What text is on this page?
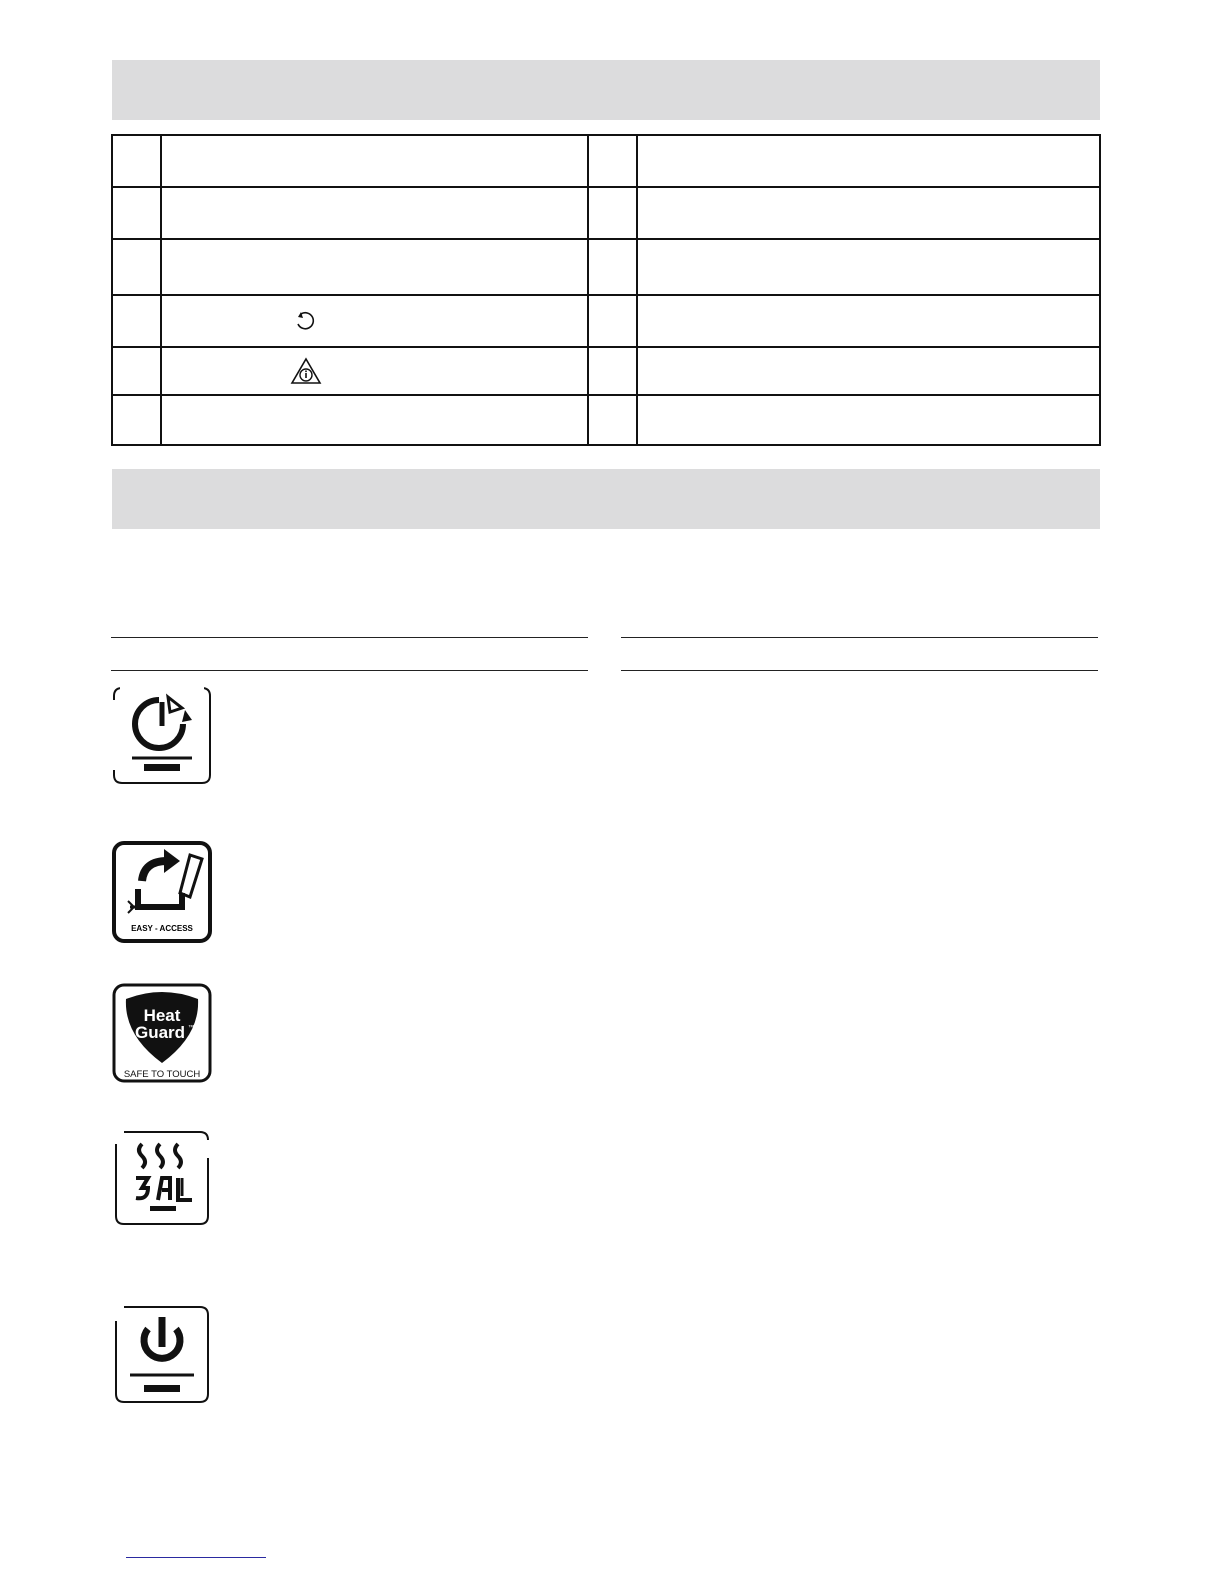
EASY - ACCESS
Heat
Guard ™
SAFE TO TOUCH
